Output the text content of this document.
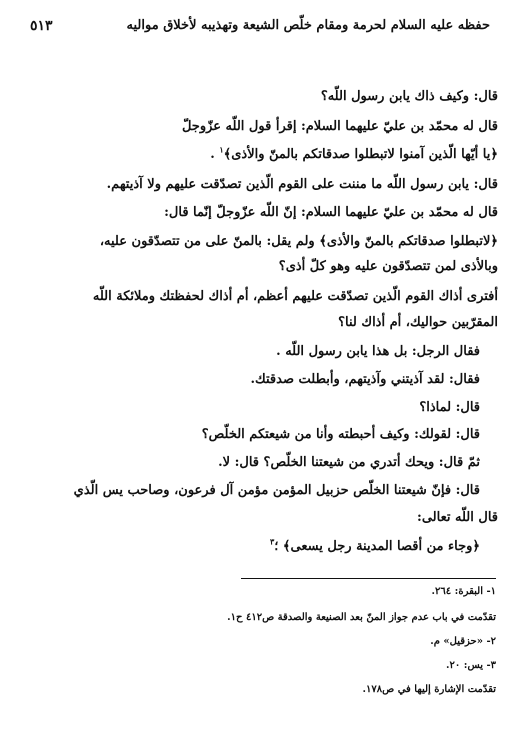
حفظه عليه السلام لحرمة ومقام خلّص الشيعة وتهذيبه لأخلاق مواليه
٥١٣
قال: وكيف ذاك يابن رسول اللّه؟
قال له محمّد بن عليّ عليهما السلام: إقرأ قول اللّه عزّوجلّ
﴿يا أيّها الّذين آمنوا لاتبطلوا صدقاتكم بالمنّ والأذى﴾$^١$ .
قال: يابن رسول اللّه ما مننت على القوم الّذين تصدّقت عليهم ولا آذيتهم.
قال له محمّد بن عليّ عليهما السلام: إنّ اللّه عزّوجلّ إنّما قال:
﴿لاتبطلوا صدقاتكم بالمنّ والأذى﴾ ولم يقل: بالمنّ على من تتصدّقون عليه،
وبالأذى لمن تتصدّقون عليه وهو كلّ أذى؟
أفترى أذاك القوم الّذين تصدّقت عليهم أعظم، أم أذاك لحفظتك وملائكة اللّه
المقرّبين حواليك، أم أذاك لنا؟
فقال الرجل: بل هذا يابن رسول اللّه .
فقال: لقد آذيتني وآذيتهم، وأبطلت صدقتك.
قال: لماذا؟
قال: لقولك: وكيف أحبطته وأنا من شيعتكم الخلّص؟
ثمّ قال: ويحك أتدري من شيعتنا الخلّص؟ قال: لا.
قال: فإنّ شيعتنا الخلّص حزبيل المؤمن مؤمن آل فرعون، وصاحب يس الّذي
قال اللّه تعالى:
﴿وجاء من أقصا المدينة رجل يسعى﴾ ؛$^٣$
١- البقرة: ٢٦٤.
تقدّمت في باب عدم جواز المنّ بعد الصنيعة والصدقة ص٤١٢ ح١.
٢- «حزقيل» م.
٣- يس: ٢٠.
تقدّمت الإشارة إليها في ص١٧٨.
